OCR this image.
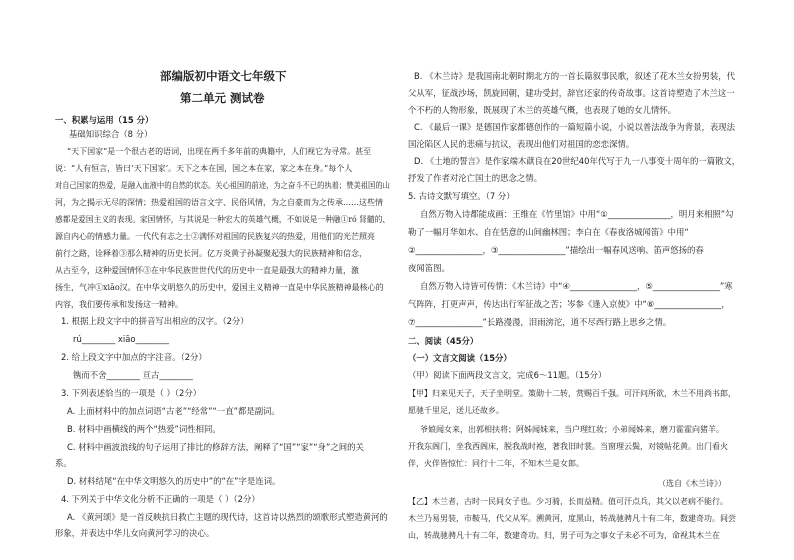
部编版初中语文七年级下
第二单元 测试卷
一、积累与运用（15 分）
基础知识综合（8 分）
“天下国家”是一个很古老的语词，出现在两千多年前的典籍中，人们视它为寻常。甚至
说：“人有恒言，皆曰‘天下国家’。天下之本在国，国之本在家，家之本在身。”每个人
对自己国家的热爱，是融入血液中的自然的状态。关心祖国的前途，为之奋斗不已的执着；赞美祖国的山
河，为之揭示无尽的深情；热爱祖国的语言文字、民俗风情，为之自豪而为之传承……这些情
感都是爱国主义的表现。家国情怀，与其说是一种宏大的英雄气概，不如说是一种融①ró 肾髓的、
源自内心的情感力量。一代代有志之士②满怀对祖国的民族复兴的热爱，用他们的光芒照亮
前行之路，诠释着③那么精神的历史长河。亿万炎黄子孙凝聚起强大的民族精神和信念，
从古至今，这种爱国情怀③在中华民族世世代代的历史中一直是最强大的精神力量，激
扬生，气冲①xiāo汉。在中华文明悠久的历史中，爱国主义精神一直是中华民族精神最核心的
内容，我们要传承和发扬这一精神。
1. 根据上段文字中的拼音写出相应的汉字。（2分）
rú________ xiāo________
2. 给上段文字中加点的字注音。（2分）
镌而不舍________ 亘古________
3. 下列表述恰当的一项是（ ）（2分）
A. 上面材料中的加点词语“古老”“经常”“一直”都是副词。
B. 材料中画横线的两个“热爱”词性相同。
C. 材料中画波浪线的句子运用了排比的修辞方法，阐释了“国”“家”“身”之间的关
系。
D. 材料结尾“在中华文明悠久的历史中”的“在”字是连词。
4. 下列关于中华文化分析不正确的一项是（ ）（2分）
A. 《黄河颂》是一首反映抗日救亡主题的现代诗，这首诗以热烈的颂歌形式塑造黄河的
形象，并表达中华儿女向黄河学习的决心。
B. 《木兰诗》是我国南北朝时期北方的一首长篇叙事民歌，叙述了花木兰女扮男装，代
父从军，征战沙场，凯旋回朝，建功受封，辞官还家的传奇故事。这首诗塑造了木兰这一
个不朽的人物形象，既展现了木兰的英雄气概，也表现了她的女儿情怀。
C. 《最后一课》是德国作家都德创作的一篇短篇小说，小说以普法战争为背景，表现法
国沦陷区人民的悲痛与抗议，表现出他们对祖国的恋恋深情。
D. 《土地的誓言》是作家端木蕻良在20世纪40年代写于九一八事变十周年的一篇散文，
抒发了作者对沦亡国土的思念之情。
5. 古诗文默写填空。（7 分）
自然万物入诗都能成画：王维在《竹里馆》中用“①_______________，明月来相照”勾
勒了一幅月华如水、自在恬意的山间幽林图；李白在《春夜洛城闻笛》中用“
②________________，③________________”描绘出一幅春风送响、笛声悠扬的春
夜闻笛图。
自然万物入诗皆可传情：《木兰诗》中“④________________，⑤________________”寒
气阵阵，打更声声，传达出行军征战之苦；岑参《逢入京使》中“⑥________________，
⑦________________”长路漫漫，泪雨滂沱，道不尽西行路上思乡之情。
二、阅读（45分）
（一）文言文阅读（15分）
（甲）阅读下面两段文言文，完成6～11题。（15分）
【甲】归来见天子，天子坐明堂。策勋十二转，赏赐百千强。可汗问所欲，木兰不用尚书郎，
愿驰千里足，送儿还故乡。
爷娘闻女来，出郭相扶将；阿姊闻妹来，当户理红妆；小弟闻姊来，磨刀霍霍向猪羊。
开我东阁门，坐我西阁床，脱我战时袍，著我旧时裳。当窗理云鬓，对镜帖花黄。出门看火
伴，火伴皆惊忙：同行十二年，不知木兰是女郎。
（选自《木兰诗》）
【乙】木兰者，古时一民间女子也。少习骑，长而益精。值可汗点兵，其父以老病不能行。
木兰乃易男装，市鞍马，代父从军。溯黄河，度黑山，转战驰骋凡十有二年，数建奇功。间尝
山，转战驰骋凡十有二年，数建奇功。归，男子可为之事女子未必不可为，命视其木兰在
